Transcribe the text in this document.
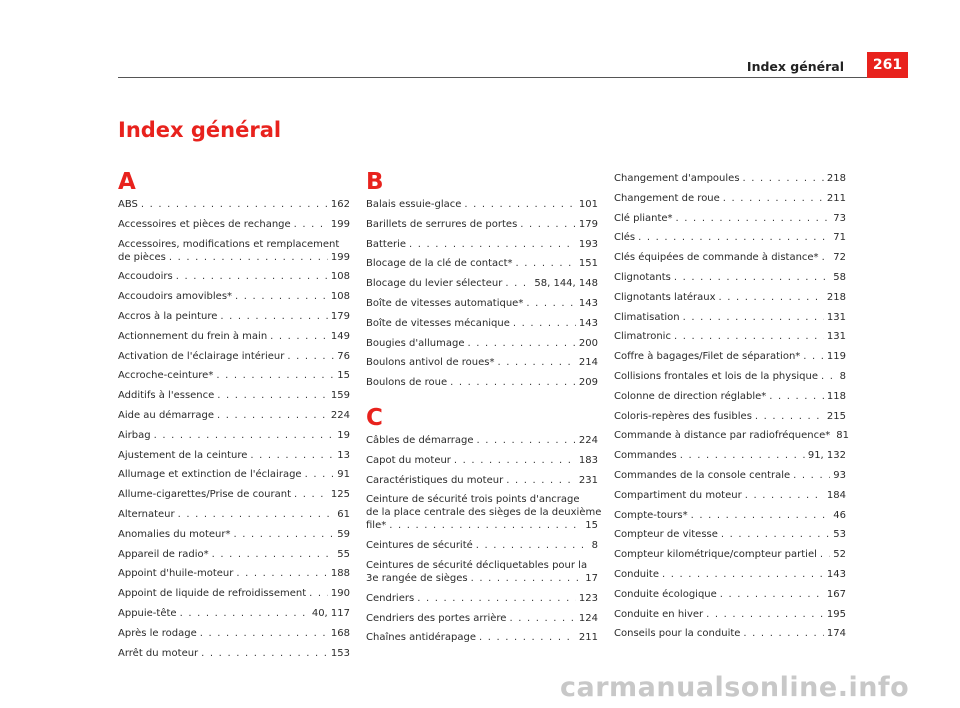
Index général	261
Index général
A
ABS . . .	162
Accessoires et pièces de rechange . . .	199
Accessoires, modifications et remplacement
de pièces . . .	199
Accoudoirs . . .	108
Accoudoirs amovibles* . . .	108
Accros à la peinture . . .	179
Actionnement du frein à main . . .	149
Activation de l'éclairage intérieur . . .	76
Accroche-ceinture* . . .	15
Additifs à l'essence . . .	159
Aide au démarrage . . .	224
Airbag . . .	19
Ajustement de la ceinture . . .	13
Allumage et extinction de l'éclairage . . .	91
Allume-cigarettes/Prise de courant . . .	125
Alternateur . . .	61
Anomalies du moteur* . . .	59
Appareil de radio* . . .	55
Appoint d'huile-moteur . . .	188
Appoint de liquide de refroidissement . . . 190
Appuie-tête . . .	40, 117
Après le rodage . . .	168
Arrêt du moteur . . .	153
B
Balais essuie-glace . . .	101
Barillets de serrures de portes . . .	179
Batterie . . .	193
Blocage de la clé de contact* . . .	151
Blocage du levier sélecteur . . .	58, 144, 148
Boîte de vitesses automatique* . . .	143
Boîte de vitesses mécanique . . .	143
Bougies d'allumage . . .	200
Boulons antivol de roues* . . .	214
Boulons de roue . . .	209
C
Câbles de démarrage . . .	224
Capot du moteur . . .	183
Caractéristiques du moteur . . .	231
Ceinture de sécurité trois points d'ancrage
de la place centrale des sièges de la deuxième
file* . . .	15
Ceintures de sécurité . . .	8
Ceintures de sécurité décliquetables pour la
3e rangée de sièges . . .	17
Cendriers . . .	123
Cendriers des portes arrière . . .	124
Chaînes antidérapage . . .	211
Changement d'ampoules . . .	218
Changement de roue . . .	211
Clé pliante* . . .	73
Clés . . .	71
Clés équipées de commande à distance* . . . 72
Clignotants . . .	58
Clignotants latéraux . . .	218
Climatisation . . .	131
Climatronic . . .	131
Coffre à bagages/Filet de séparation* . . .	119
Collisions frontales et lois de la physique . . . 8
Colonne de direction réglable* . . .	118
Coloris-repères des fusibles . . .	215
Commande à distance par radiofréquence* 81
Commandes . . .	91, 132
Commandes de la console centrale . . .	93
Compartiment du moteur . . .	184
Compte-tours* . . .	46
Compteur de vitesse . . .	53
Compteur kilométrique/compteur partiel . . . 52
Conduite . . .	143
Conduite écologique . . .	167
Conduite en hiver . . .	195
Conseils pour la conduite . . .	174
carmanualsonline.info
